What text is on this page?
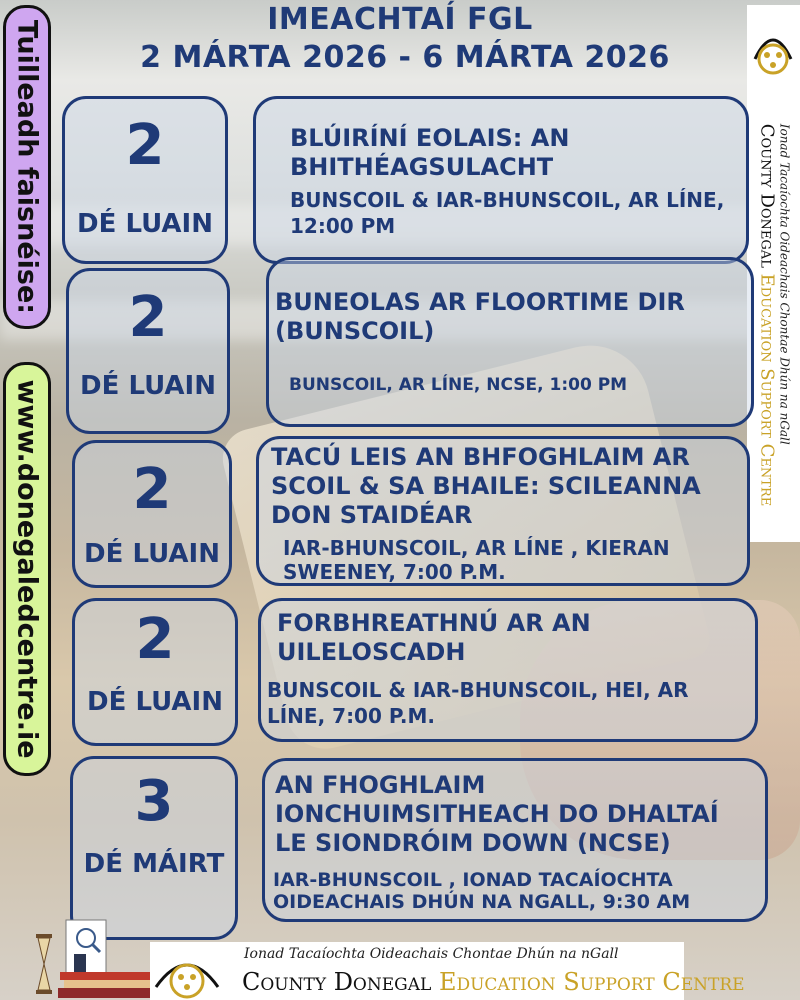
IMEACHTAÍ FGL
2 MÁRTA 2026 - 6 MÁRTA 2026
Tuilleadh faisnéise:
www.donegaledcentre.ie
Ionad Tacaíochta Oideachais Chontae Dhún na nGall
County Donegal Education Support Centre
2
DÉ LUAIN
BLÚIRÍNÍ EOLAIS: AN BHITHÉAGSULACHT
BUNSCOIL & IAR-BHUNSCOIL, AR LÍNE, 12:00 PM
2
DÉ LUAIN
BUNEOLAS AR FLOORTIME DIR (BUNSCOIL)
BUNSCOIL, AR LÍNE, NCSE, 1:00 PM
2
DÉ LUAIN
TACÚ LEIS AN BHFOGHLAIM AR SCOIL & SA BHAILE: SCILEANNA DON STAIDÉAR
IAR-BHUNSCOIL, AR LÍNE , KIERAN SWEENEY, 7:00 P.M.
2
DÉ LUAIN
FORBHREATHNÚ AR AN UILELOSCADH
BUNSCOIL & IAR-BHUNSCOIL, HEI, AR LÍNE, 7:00 P.M.
3
DÉ MÁIRT
AN FHOGHLAIM IONCHUIMSITHEACH DO DHALTAÍ LE SIONDRÓIM DOWN (NCSE)
IAR-BHUNSCOIL , IONAD TACAÍOCHTA OIDEACHAIS DHÚN NA NGALL, 9:30 AM
Ionad Tacaíochta Oideachais Chontae Dhún na nGall
County Donegal Education Support Centre
